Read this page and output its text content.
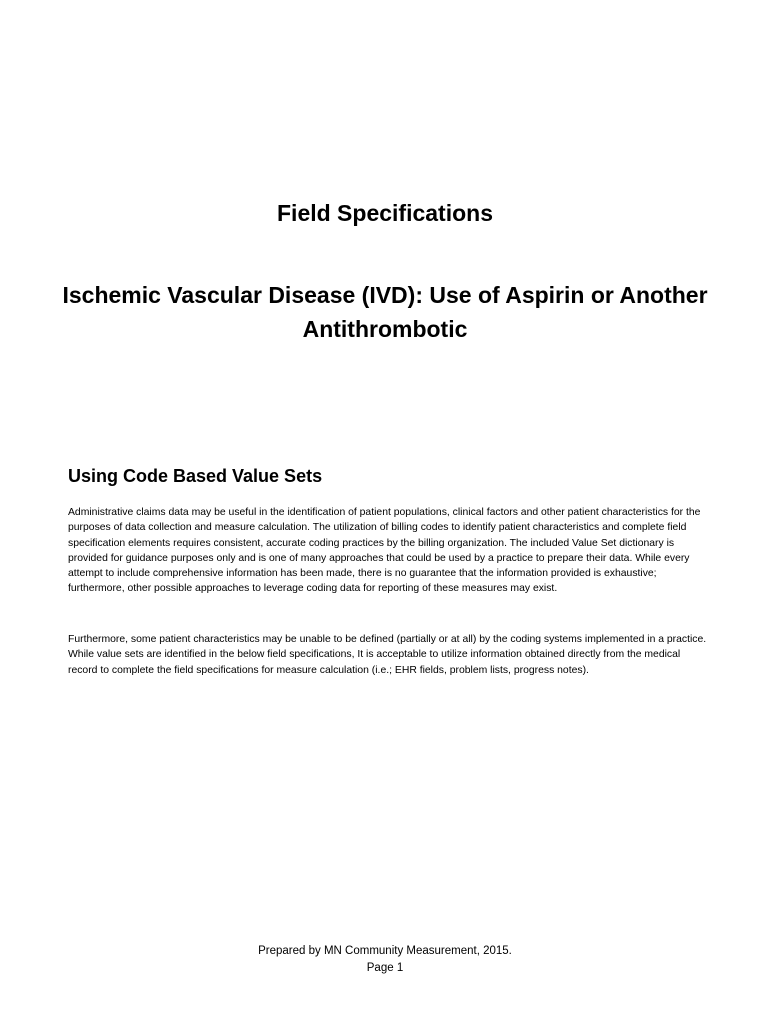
Field Specifications
Ischemic Vascular Disease (IVD): Use of Aspirin or Another Antithrombotic
Using Code Based Value Sets

Administrative claims data may be useful in the identification of patient populations, clinical factors and other patient characteristics for the purposes of data collection and measure calculation. The utilization of billing codes to identify patient characteristics and complete field specification elements requires consistent, accurate coding practices by the billing organization. The included Value Set dictionary is provided for guidance purposes only and is one of many approaches that could be used by a practice to prepare their data. While every attempt to include comprehensive information has been made, there is no guarantee that the information provided is exhaustive; furthermore, other possible approaches to leverage coding data for reporting of these measures may exist.

Furthermore, some patient characteristics may be unable to be defined (partially or at all) by the coding systems implemented in a practice. While value sets are identified in the below field specifications, It is acceptable to utilize information obtained directly from the medical record to complete the field specifications for measure calculation (i.e.; EHR fields, problem lists, progress notes).

Prepared by MN Community Measurement, 2015.
Page 1
